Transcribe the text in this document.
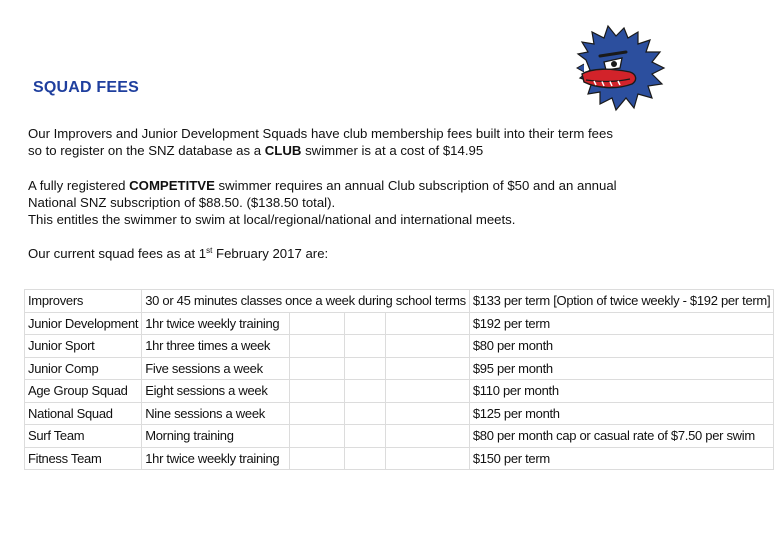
SQUAD FEES
Our Improvers and Junior Development Squads have club membership fees built into their term fees
so to register on the SNZ database as a CLUB swimmer is at a cost of $14.95
A fully registered COMPETITVE swimmer requires an annual Club subscription of $50 and an annual
National SNZ subscription of $88.50. ($138.50 total).
This entitles the swimmer to swim at local/regional/national and international meets.
Our current squad fees as at 1st February 2017 are:
Improvers	30 or 45 minutes classes once a week during school terms				$133 per term [Option of twice weekly - $192 per term]
Junior Development	1hr twice weekly training				$192 per term
Junior Sport	1hr three times a week				$80 per month
Junior Comp	Five sessions a week				$95 per month
Age Group Squad	Eight sessions a week				$110 per month
National Squad	Nine sessions a week				$125 per month
Surf Team	Morning training				$80 per month cap or casual rate of $7.50 per swim
Fitness Team	1hr twice weekly training				$150 per term
